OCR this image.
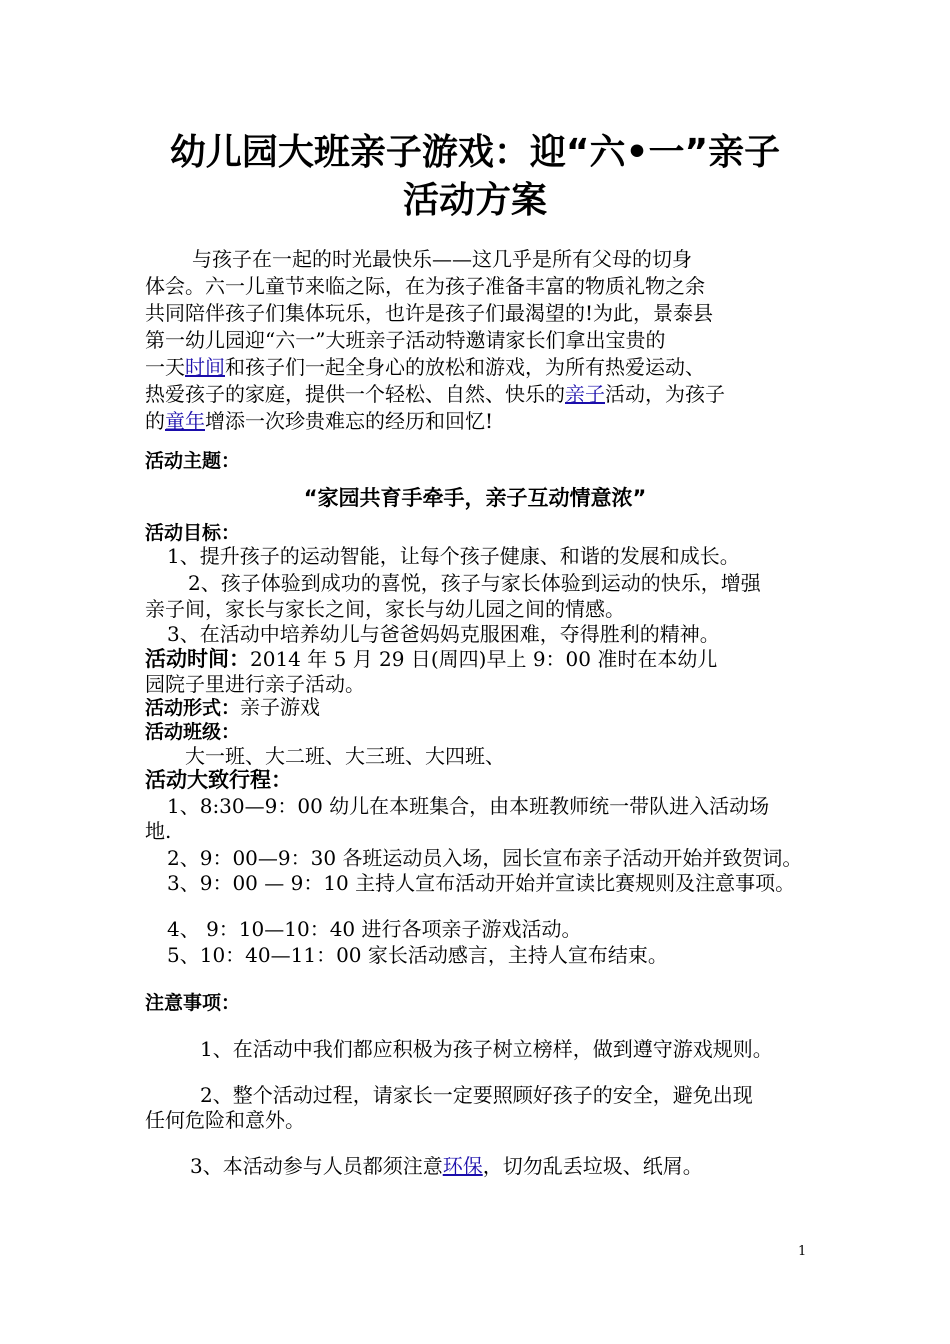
幼儿园大班亲子游戏：迎“六•一”亲子
活动方案
与孩子在一起的时光最快乐——这几乎是所有父母的切身
体会。六一儿童节来临之际，在为孩子准备丰富的物质礼物之余
共同陪伴孩子们集体玩乐，也许是孩子们最渴望的!为此，景泰县
第一幼儿园迎“六一”大班亲子活动特邀请家长们拿出宝贵的
一天时间和孩子们一起全身心的放松和游戏，为所有热爱运动、
热爱孩子的家庭，提供一个轻松、自然、快乐的亲子活动，为孩子
的童年增添一次珍贵难忘的经历和回忆!
活动主题：
“家园共育手牵手，亲子互动情意浓”
活动目标：
1、提升孩子的运动智能，让每个孩子健康、和谐的发展和成长。
2、孩子体验到成功的喜悦，孩子与家长体验到运动的快乐，增强
亲子间，家长与家长之间，家长与幼儿园之间的情感。
3、在活动中培养幼儿与爸爸妈妈克服困难，夺得胜利的精神。
活动时间：2014 年 5 月 29 日(周四)早上 9：00 准时在本幼儿
园院子里进行亲子活动。
活动形式：亲子游戏
活动班级：
大一班、大二班、大三班、大四班、
活动大致行程：
1、8:30—9：00 幼儿在本班集合，由本班教师统一带队进入活动场
地.
2、9：00—9：30 各班运动员入场，园长宣布亲子活动开始并致贺词。
3、9：00 — 9：10 主持人宣布活动开始并宣读比赛规则及注意事项。
4、 9：10—10：40 进行各项亲子游戏活动。
5、10：40—11：00 家长活动感言，主持人宣布结束。
注意事项：
1、在活动中我们都应积极为孩子树立榜样，做到遵守游戏规则。
2、整个活动过程，请家长一定要照顾好孩子的安全，避免出现
任何危险和意外。
3、本活动参与人员都须注意环保，切勿乱丢垃圾、纸屑。
1
